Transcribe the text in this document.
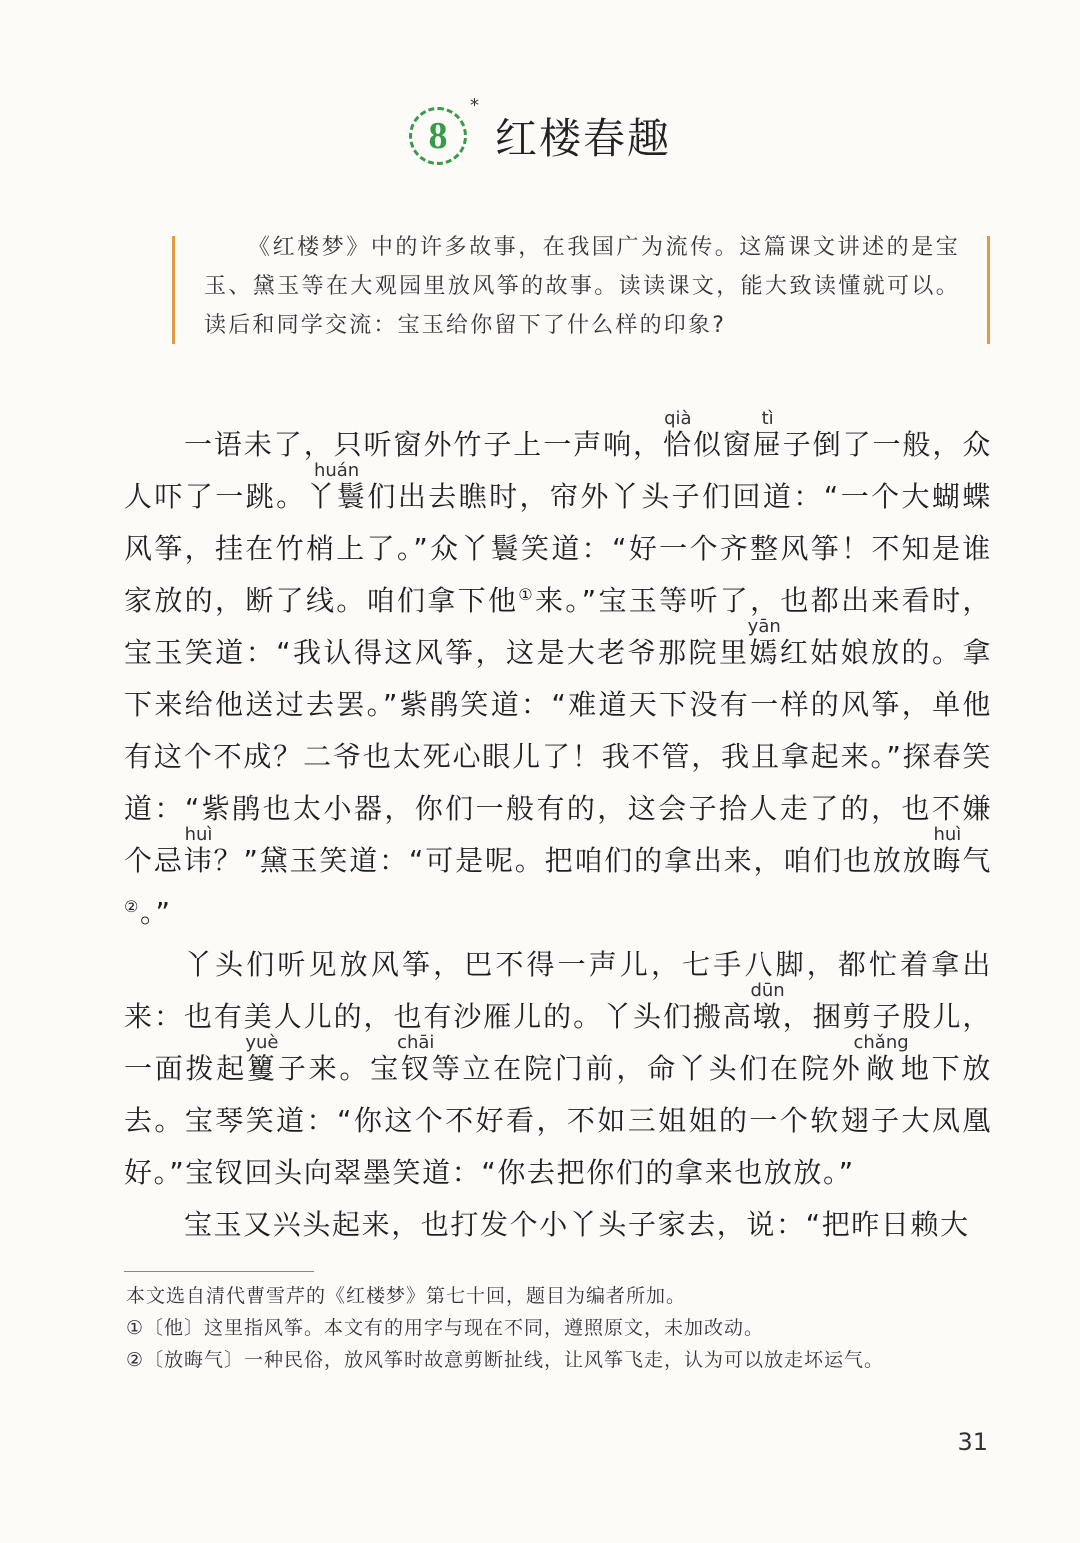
8
*
红楼春趣
《红楼梦》中的许多故事，在我国广为流传。这篇课文讲述的是宝玉、黛玉等在大观园里放风筝的故事。读读课文，能大致读懂就可以。读后和同学交流：宝玉给你留下了什么样的印象?

一语未了，只听窗外竹子上一声响，恰qià似窗屉tì子倒了一般，众人吓了一跳。丫鬟huán们出去瞧时，帘外丫头子们回道：“一个大蝴蝶风筝，挂在竹梢上了。”众丫鬟笑道：“好一个齐整风筝！不知是谁家放的，断了线。咱们拿下他①来。”宝玉等听了，也都出来看时，宝玉笑道：“我认得这风筝，这是大老爷那院里嫣yān红姑娘放的。拿下来给他送过去罢。”紫鹃笑道：“难道天下没有一样的风筝，单他有这个不成？二爷也太死心眼儿了！我不管，我且拿起来。”探春笑道：“紫鹃也太小器，你们一般有的，这会子拾人走了的，也不嫌个忌讳huì？”黛玉笑道：“可是呢。把咱们的拿出来，咱们也放放晦huì气②。”

丫头们听见放风筝，巴不得一声儿，七手八脚，都忙着拿出来：也有美人儿的，也有沙雁儿的。丫头们搬高墩dūn，捆剪子股儿，一面拨起籰yuè子来。宝钗chāi等立在院门前，命丫头们在院外敞chǎng地下放去。宝琴笑道：“你这个不好看，不如三姐姐的一个软翅子大凤凰好。”宝钗回头向翠墨笑道：“你去把你们的拿来也放放。”

宝玉又兴头起来，也打发个小丫头子家去，说：“把昨日赖大

本文选自清代曹雪芹的《红楼梦》第七十回，题目为编者所加。
①〔他〕这里指风筝。本文有的用字与现在不同，遵照原文，未加改动。
②〔放晦气〕一种民俗，放风筝时故意剪断扯线，让风筝飞走，认为可以放走坏运气。
31
